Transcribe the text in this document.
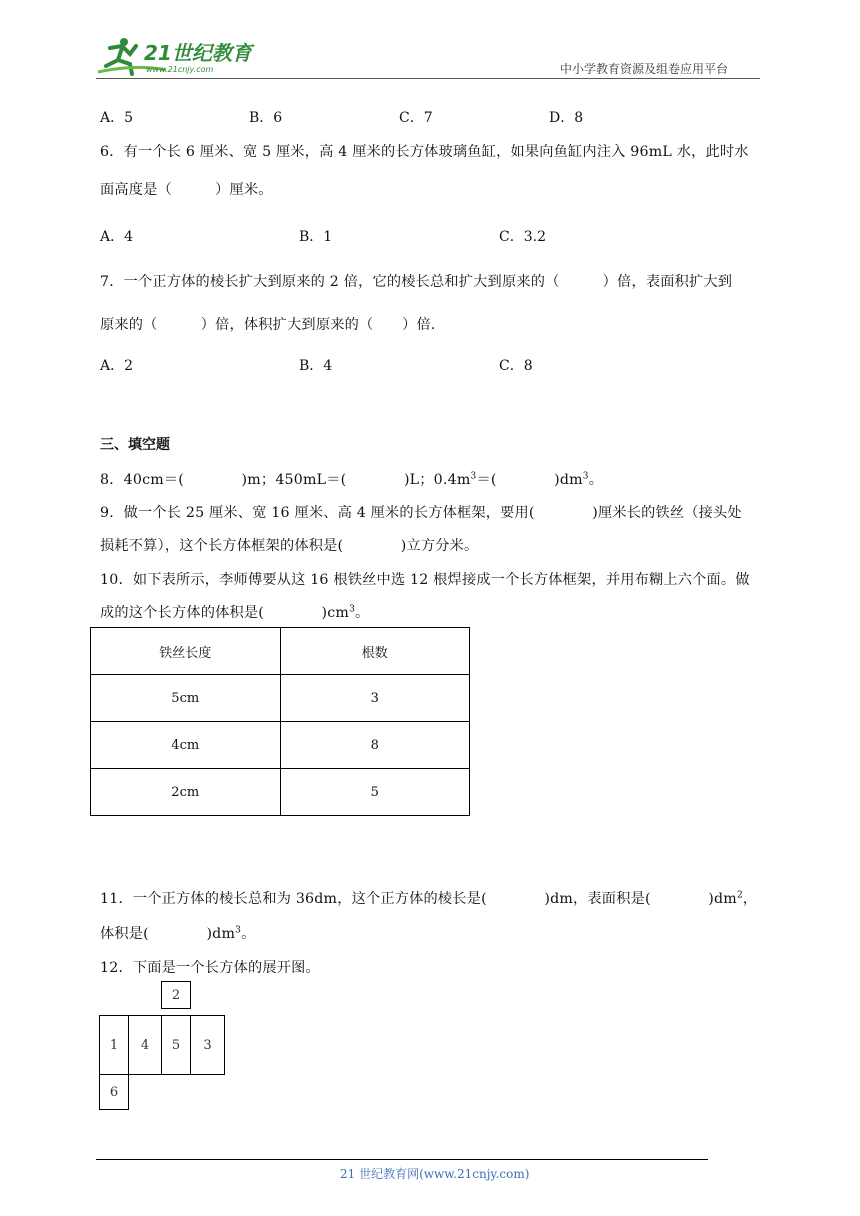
21世纪教育
www.21cnjy.com	中小学教育资源及组卷应用平台
A．5	B．6	C．7	D．8
6．有一个长 6 厘米、宽 5 厘米，高 4 厘米的长方体玻璃鱼缸，如果向鱼缸内注入 96mL 水，此时水
面高度是（　　　）厘米。
A．4	B．1	C．3.2
7．一个正方体的棱长扩大到原来的 2 倍，它的棱长总和扩大到原来的（　　　）倍，表面积扩大到
原来的（　　　）倍，体积扩大到原来的（　　）倍.
A．2	B．4	C．8
三、填空题
8．40cm＝(　　　　)m；450mL＝(　　　　)L；$0.4m^3=$(　　　　)$dm^3$。
9．做一个长 25 厘米、宽 16 厘米、高 4 厘米的长方体框架，要用(　　　　)厘米长的铁丝（接头处
损耗不算），这个长方体框架的体积是(　　　　)立方分米。
10．如下表所示，李师傅要从这 16 根铁丝中选 12 根焊接成一个长方体框架，并用布糊上六个面。做
成的这个长方体的体积是(　　　　)$cm^3$。
铁丝长度	根数
5cm	3
4cm	8
2cm	5
11．一个正方体的棱长总和为 36dm，这个正方体的棱长是(　　　　)dm，表面积是(　　　　)$dm^2$，
体积是(　　　　)$dm^3$。
12．下面是一个长方体的展开图。
2
1	4	5	3
6
21 世纪教育网(www.21cnjy.com)
